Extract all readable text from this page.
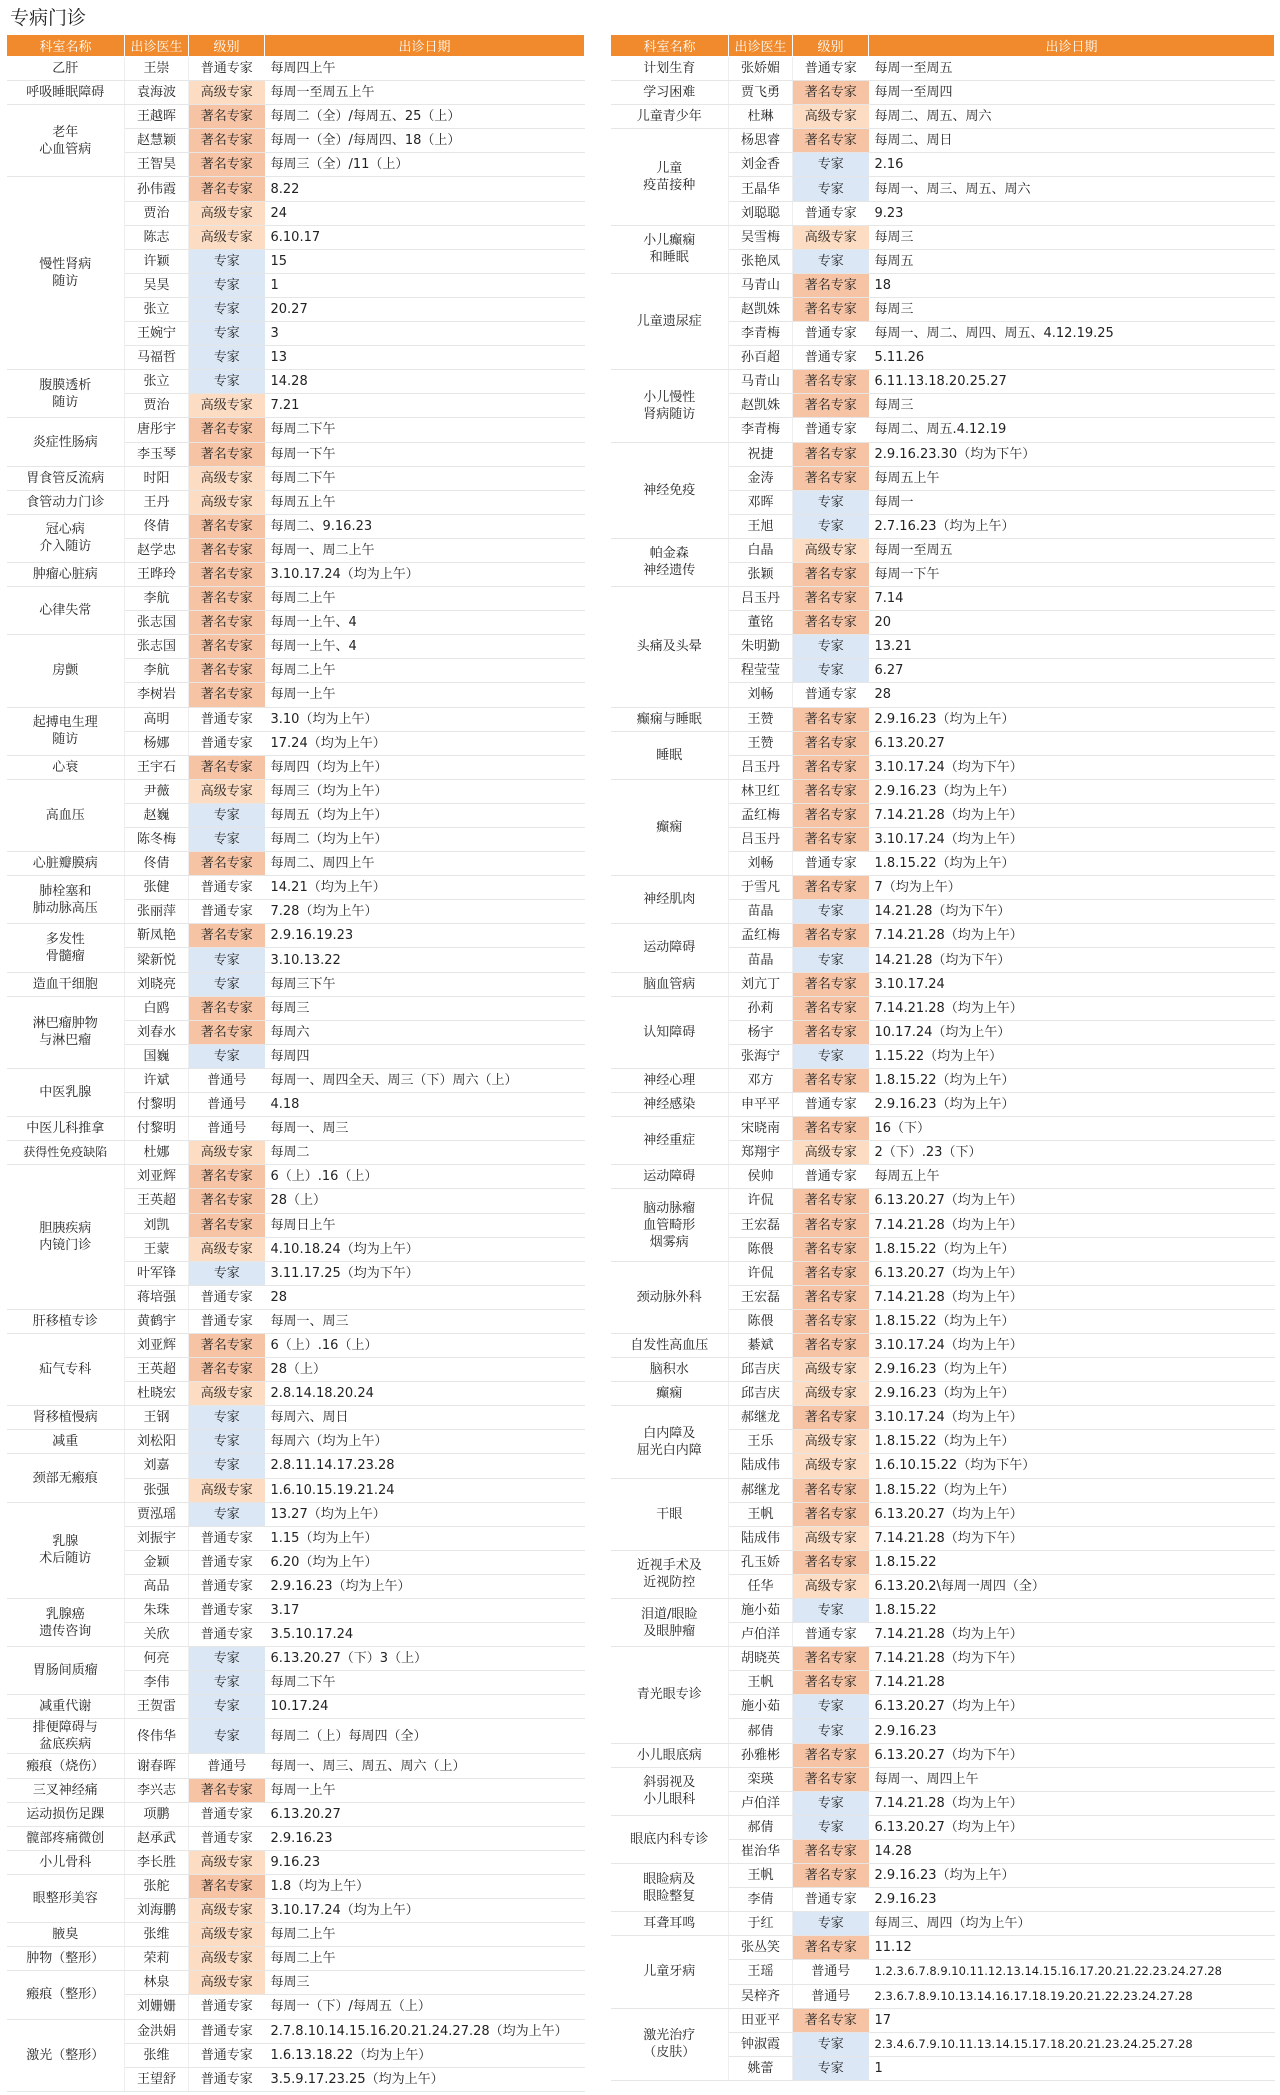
专病门诊
科室名称	出诊医生	级别	出诊日期
乙肝	王崇	普通专家	每周四上午
呼吸睡眠障碍	袁海波	高级专家	每周一至周五上午
老年
心血管病	王越晖	著名专家	每周二（全）/每周五、25（上）
	赵慧颖	著名专家	每周一（全）/每周四、18（上）
	王智昊	著名专家	每周三（全）/11（上）
慢性肾病
随访	孙伟霞	著名专家	8.22
	贾治	高级专家	24
	陈志	高级专家	6.10.17
	许颖	专家	15
	吴昊	专家	1
	张立	专家	20.27
	王婉宁	专家	3
	马福哲	专家	13
腹膜透析
随访	张立	专家	14.28
	贾治	高级专家	7.21
炎症性肠病	唐彤宇	著名专家	每周二下午
	李玉琴	著名专家	每周一下午
胃食管反流病	时阳	高级专家	每周二下午
食管动力门诊	王丹	高级专家	每周五上午
冠心病
介入随访	佟倩	著名专家	每周二、9.16.23
	赵学忠	著名专家	每周一、周二上午
肿瘤心脏病	王晔玲	著名专家	3.10.17.24（均为上午）
心律失常	李航	著名专家	每周二上午
	张志国	著名专家	每周一上午、4
房颤	张志国	著名专家	每周一上午、4
	李航	著名专家	每周二上午
	李树岩	著名专家	每周一上午
起搏电生理
随访	高明	普通专家	3.10（均为上午）
	杨娜	普通专家	17.24（均为上午）
心衰	王宇石	著名专家	每周四（均为上午）
高血压	尹薇	高级专家	每周三（均为上午）
	赵巍	专家	每周五（均为上午）
	陈冬梅	专家	每周二（均为上午）
心脏瓣膜病	佟倩	著名专家	每周二、周四上午
肺栓塞和
肺动脉高压	张健	普通专家	14.21（均为上午）
	张丽萍	普通专家	7.28（均为上午）
多发性
骨髓瘤	靳凤艳	著名专家	2.9.16.19.23
	梁新悦	专家	3.10.13.22
造血干细胞	刘晓亮	专家	每周三下午
淋巴瘤肿物
与淋巴瘤	白鸥	著名专家	每周三
	刘春水	著名专家	每周六
	国巍	专家	每周四
中医乳腺	许斌	普通号	每周一、周四全天、周三（下）周六（上）
	付黎明	普通号	4.18
中医儿科推拿	付黎明	普通号	每周一、周三
获得性免疫缺陷	杜娜	高级专家	每周二
胆胰疾病
内镜门诊	刘亚辉	著名专家	6（上）.16（上）
	王英超	著名专家	28（上）
	刘凯	著名专家	每周日上午
	王蒙	高级专家	4.10.18.24（均为上午）
	叶军锋	专家	3.11.17.25（均为下午）
	蒋培强	普通专家	28
肝移植专诊	黄鹤宇	普通专家	每周一、周三
疝气专科	刘亚辉	著名专家	6（上）.16（上）
	王英超	著名专家	28（上）
	杜晓宏	高级专家	2.8.14.18.20.24
肾移植慢病	王钢	专家	每周六、周日
减重	刘松阳	专家	每周六（均为上午）
颈部无瘢痕	刘嘉	专家	2.8.11.14.17.23.28
	张强	高级专家	1.6.10.15.19.21.24
乳腺
术后随访	贾泓瑶	专家	13.27（均为上午）
	刘振宇	普通专家	1.15（均为上午）
	金颖	普通专家	6.20（均为上午）
	高品	普通专家	2.9.16.23（均为上午）
乳腺癌
遗传咨询	朱珠	普通专家	3.17
	关欣	普通专家	3.5.10.17.24
胃肠间质瘤	何亮	专家	6.13.20.27（下）3（上）
	李伟	专家	每周二下午
减重代谢	王贺雷	专家	10.17.24
排便障碍与
盆底疾病	佟伟华	专家	每周二（上）每周四（全）
瘢痕（烧伤）	谢春晖	普通号	每周一、周三、周五、周六（上）
三叉神经痛	李兴志	著名专家	每周一上午
运动损伤足踝	项鹏	普通专家	6.13.20.27
髋部疼痛微创	赵承武	普通专家	2.9.16.23
小儿骨科	李长胜	高级专家	9.16.23
眼整形美容	张舵	著名专家	1.8（均为上午）
	刘海鹏	高级专家	3.10.17.24（均为上午）
腋臭	张维	高级专家	每周二上午
肿物（整形）	荣莉	高级专家	每周二上午
瘢痕（整形）	林泉	高级专家	每周三
	刘姗姗	普通专家	每周一（下）/每周五（上）
激光（整形）	金洪娟	普通专家	2.7.8.10.14.15.16.20.21.24.27.28（均为上午）
	张维	普通专家	1.6.13.18.22（均为上午）
	王望舒	普通专家	3.5.9.17.23.25（均为上午）
科室名称	出诊医生	级别	出诊日期
计划生育	张娇媚	普通专家	每周一至周五
学习困难	贾飞勇	著名专家	每周一至周四
儿童青少年	杜琳	高级专家	每周二、周五、周六
儿童
疫苗接种	杨思睿	著名专家	每周二、周日
	刘金香	专家	2.16
	王晶华	专家	每周一、周三、周五、周六
	刘聪聪	普通专家	9.23
小儿癫痫
和睡眠	吴雪梅	高级专家	每周三
	张艳凤	专家	每周五
儿童遗尿症	马青山	著名专家	18
	赵凯姝	著名专家	每周三
	李青梅	普通专家	每周一、周二、周四、周五、4.12.19.25
	孙百超	普通专家	5.11.26
小儿慢性
肾病随访	马青山	著名专家	6.11.13.18.20.25.27
	赵凯姝	著名专家	每周三
	李青梅	普通专家	每周二、周五.4.12.19
神经免疫	祝捷	著名专家	2.9.16.23.30（均为下午）
	金涛	著名专家	每周五上午
	邓晖	专家	每周一
	王旭	专家	2.7.16.23（均为上午）
帕金森
神经遗传	白晶	高级专家	每周一至周五
	张颖	著名专家	每周一下午
头痛及头晕	吕玉丹	著名专家	7.14
	董铭	著名专家	20
	朱明勤	专家	13.21
	程莹莹	专家	6.27
	刘畅	普通专家	28
癫痫与睡眠	王赞	著名专家	2.9.16.23（均为上午）
睡眠	王赞	著名专家	6.13.20.27
	吕玉丹	著名专家	3.10.17.24（均为下午）
癫痫	林卫红	著名专家	2.9.16.23（均为上午）
	孟红梅	著名专家	7.14.21.28（均为上午）
	吕玉丹	著名专家	3.10.17.24（均为上午）
	刘畅	普通专家	1.8.15.22（均为上午）
神经肌肉	于雪凡	著名专家	7（均为上午）
	苗晶	专家	14.21.28（均为下午）
运动障碍	孟红梅	著名专家	7.14.21.28（均为上午）
	苗晶	专家	14.21.28（均为下午）
脑血管病	刘亢丁	著名专家	3.10.17.24
认知障碍	孙莉	著名专家	7.14.21.28（均为上午）
	杨宇	著名专家	10.17.24（均为上午）
	张海宁	专家	1.15.22（均为上午）
神经心理	邓方	著名专家	1.8.15.22（均为上午）
神经感染	申平平	普通专家	2.9.16.23（均为上午）
神经重症	宋晓南	著名专家	16（下）
	郑翔宇	高级专家	2（下）.23（下）
运动障碍	侯帅	普通专家	每周五上午
脑动脉瘤
血管畸形
烟雾病	许侃	著名专家	6.13.20.27（均为上午）
	王宏磊	著名专家	7.14.21.28（均为上午）
	陈偎	著名专家	1.8.15.22（均为上午）
颈动脉外科	许侃	著名专家	6.13.20.27（均为上午）
	王宏磊	著名专家	7.14.21.28（均为上午）
	陈偎	著名专家	1.8.15.22（均为上午）
自发性高血压	綦斌	著名专家	3.10.17.24（均为上午）
脑积水	邱吉庆	高级专家	2.9.16.23（均为上午）
癫痫	邱吉庆	高级专家	2.9.16.23（均为上午）
白内障及
屈光白内障	郝继龙	著名专家	3.10.17.24（均为上午）
	王乐	高级专家	1.8.15.22（均为上午）
	陆成伟	高级专家	1.6.10.15.22（均为下午）
干眼	郝继龙	著名专家	1.8.15.22（均为上午）
	王帆	著名专家	6.13.20.27（均为上午）
	陆成伟	高级专家	7.14.21.28（均为下午）
近视手术及
近视防控	孔玉娇	著名专家	1.8.15.22
	任华	高级专家	6.13.20.2\每周一周四（全）
泪道/眼睑
及眼肿瘤	施小茹	专家	1.8.15.22
	卢伯洋	普通专家	7.14.21.28（均为上午）
青光眼专诊	胡晓英	著名专家	7.14.21.28（均为下午）
	王帆	著名专家	7.14.21.28
	施小茹	专家	6.13.20.27（均为上午）
	郝倩	专家	2.9.16.23
小儿眼底病	孙雅彬	著名专家	6.13.20.27（均为下午）
斜弱视及
小儿眼科	栾瑛	著名专家	每周一、周四上午
	卢伯洋	专家	7.14.21.28（均为上午）
眼底内科专诊	郝倩	专家	6.13.20.27（均为上午）
	崔治华	著名专家	14.28
眼睑病及
眼睑整复	王帆	著名专家	2.9.16.23（均为上午）
	李倩	普通专家	2.9.16.23
耳聋耳鸣	于红	专家	每周三、周四（均为上午）
儿童牙病	张丛笑	著名专家	11.12
	王瑶	普通号	1.2.3.6.7.8.9.10.11.12.13.14.15.16.17.20.21.22.23.24.27.28
	吴梓齐	普通号	2.3.6.7.8.9.10.13.14.16.17.18.19.20.21.22.23.24.27.28
激光治疗
（皮肤）	田亚平	著名专家	17
	钟淑霞	专家	2.3.4.6.7.9.10.11.13.14.15.17.18.20.21.23.24.25.27.28
	姚蕾	专家	1
